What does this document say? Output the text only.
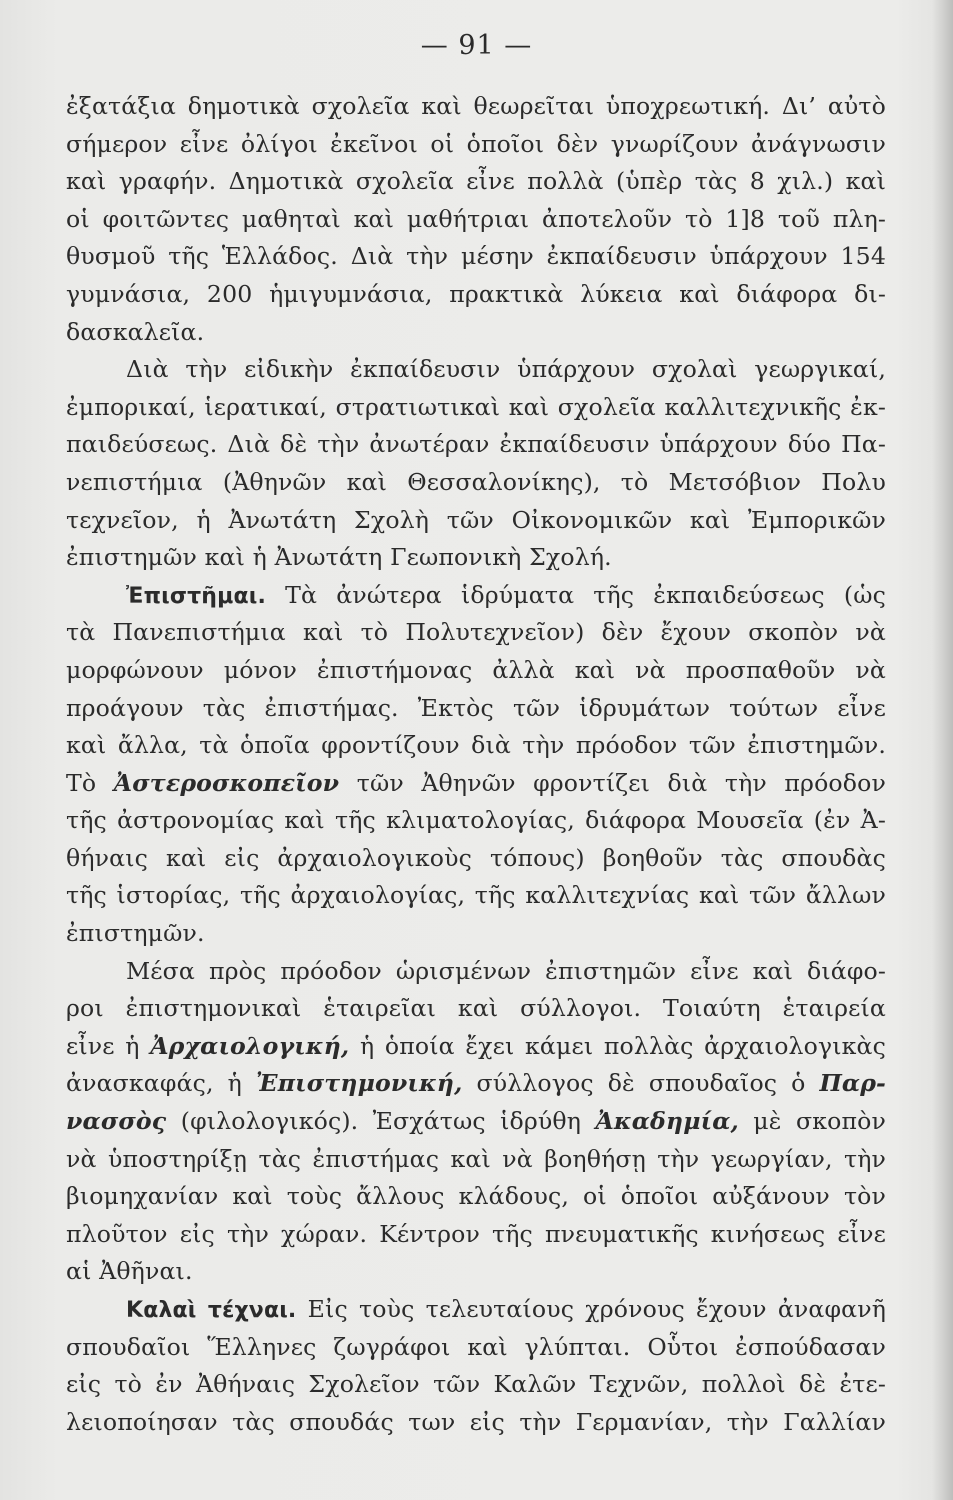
— 91 —
ἐξατάξια δημοτικὰ σχολεῖα καὶ θεωρεῖται ὑποχρεωτική. Δι’ αὐτὸ
σήμερον εἶνε ὀλίγοι ἐκεῖνοι οἱ ὁποῖοι δὲν γνωρίζουν ἀνάγνωσιν
καὶ γραφήν. Δημοτικὰ σχολεῖα εἶνε πολλὰ (ὑπὲρ τὰς 8 χιλ.) καὶ
οἱ φοιτῶντες μαθηταὶ καὶ μαθήτριαι ἀποτελοῦν τὸ 1]8 τοῦ πλη-
θυσμοῦ τῆς Ἑλλάδος. Διὰ τὴν μέσην ἐκπαίδευσιν ὑπάρχουν 154
γυμνάσια, 200 ἡμιγυμνάσια, πρακτικὰ λύκεια καὶ διάφορα δι-
δασκαλεῖα.
Διὰ τὴν εἰδικὴν ἐκπαίδευσιν ὑπάρχουν σχολαὶ γεωργικαί,
ἐμπορικαί, ἱερατικαί, στρατιωτικαὶ καὶ σχολεῖα καλλιτεχνικῆς ἐκ-
παιδεύσεως. Διὰ δὲ τὴν ἀνωτέραν ἐκπαίδευσιν ὑπάρχουν δύο Πα-
νεπιστήμια (Ἀθηνῶν καὶ Θεσσαλονίκης), τὸ Μετσόβιον Πολυ
τεχνεῖον, ἡ Ἀνωτάτη Σχολὴ τῶν Οἰκονομικῶν καὶ Ἐμπορικῶν
ἐπιστημῶν καὶ ἡ Ἀνωτάτη Γεωπονικὴ Σχολή.
Ἐπιστῆμαι. Τὰ ἀνώτερα ἱδρύματα τῆς ἐκπαιδεύσεως (ὡς
τὰ Πανεπιστήμια καὶ τὸ Πολυτεχνεῖον) δὲν ἔχουν σκοπὸν νὰ
μορφώνουν μόνον ἐπιστήμονας ἀλλὰ καὶ νὰ προσπαθοῦν νὰ
προάγουν τὰς ἐπιστήμας. Ἐκτὸς τῶν ἱδρυμάτων τούτων εἶνε
καὶ ἄλλα, τὰ ὁποῖα φροντίζουν διὰ τὴν πρόοδον τῶν ἐπιστημῶν.
Τὸ Ἀστεροσκοπεῖον τῶν Ἀθηνῶν φροντίζει διὰ τὴν πρόοδον
τῆς ἀστρονομίας καὶ τῆς κλιματολογίας, διάφορα Μουσεῖα (ἐν Ἀ-
θήναις καὶ εἰς ἀρχαιολογικοὺς τόπους) βοηθοῦν τὰς σπουδὰς
τῆς ἱστορίας, τῆς ἀρχαιολογίας, τῆς καλλιτεχνίας καὶ τῶν ἄλλων
ἐπιστημῶν.
Μέσα πρὸς πρόοδον ὡρισμένων ἐπιστημῶν εἶνε καὶ διάφο-
ροι ἐπιστημονικαὶ ἑταιρεῖαι καὶ σύλλογοι. Τοιαύτη ἑταιρεία
εἶνε ἡ Ἀρχαιολογική, ἡ ὁποία ἔχει κάμει πολλὰς ἀρχαιολογικὰς
ἀνασκαφάς, ἡ Ἐπιστημονική, σύλλογος δὲ σπουδαῖος ὁ Παρ-
νασσὸς (φιλολογικός). Ἐσχάτως ἱδρύθη Ἀκαδημία, μὲ σκοπὸν
νὰ ὑποστηρίξῃ τὰς ἐπιστήμας καὶ νὰ βοηθήσῃ τὴν γεωργίαν, τὴν
βιομηχανίαν καὶ τοὺς ἄλλους κλάδους, οἱ ὁποῖοι αὐξάνουν τὸν
πλοῦτον εἰς τὴν χώραν. Κέντρον τῆς πνευματικῆς κινήσεως εἶνε
αἱ Ἀθῆναι.
Καλαὶ τέχναι. Εἰς τοὺς τελευταίους χρόνους ἔχουν ἀναφανῆ
σπουδαῖοι Ἕλληνες ζωγράφοι καὶ γλύπται. Οὗτοι ἐσπούδασαν
εἰς τὸ ἐν Ἀθήναις Σχολεῖον τῶν Καλῶν Τεχνῶν, πολλοὶ δὲ ἐτε-
λειοποίησαν τὰς σπουδάς των εἰς τὴν Γερμανίαν, τὴν Γαλλίαν
